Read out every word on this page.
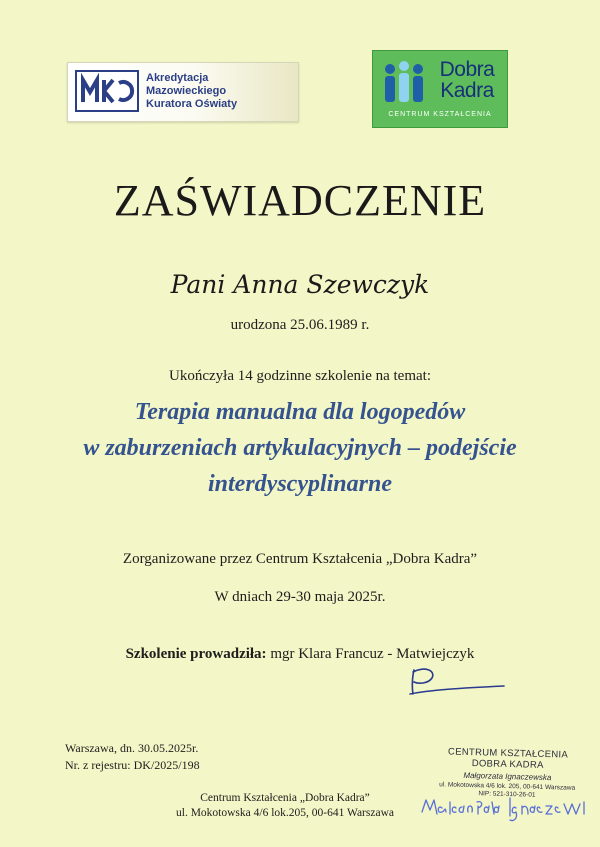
Akredytacja
Mazowieckiego
Kuratora Oświaty
Dobra
Kadra
CENTRUM KSZTAŁCENIA
ZAŚWIADCZENIE
Pani Anna Szewczyk
urodzona 25.06.1989 r.
Ukończyła 14 godzinne szkolenie na temat:
Terapia manualna dla logopedów
w zaburzeniach artykulacyjnych – podejście
interdyscyplinarne
Zorganizowane przez Centrum Kształcenia „Dobra Kadra”
W dniach 29-30 maja 2025r.
Szkolenie prowadziła: mgr Klara Francuz - Matwiejczyk
Warszawa, dn. 30.05.2025r.
Nr. z rejestru: DK/2025/198
Centrum Kształcenia „Dobra Kadra”
ul. Mokotowska 4/6 lok.205, 00-641 Warszawa
CENTRUM KSZTAŁCENIA
DOBRA KADRA
Małgorzata Ignaczewska
ul. Mokotowska 4/6 lok. 205, 00-641 Warszawa
NIP: 521-310-26-01
